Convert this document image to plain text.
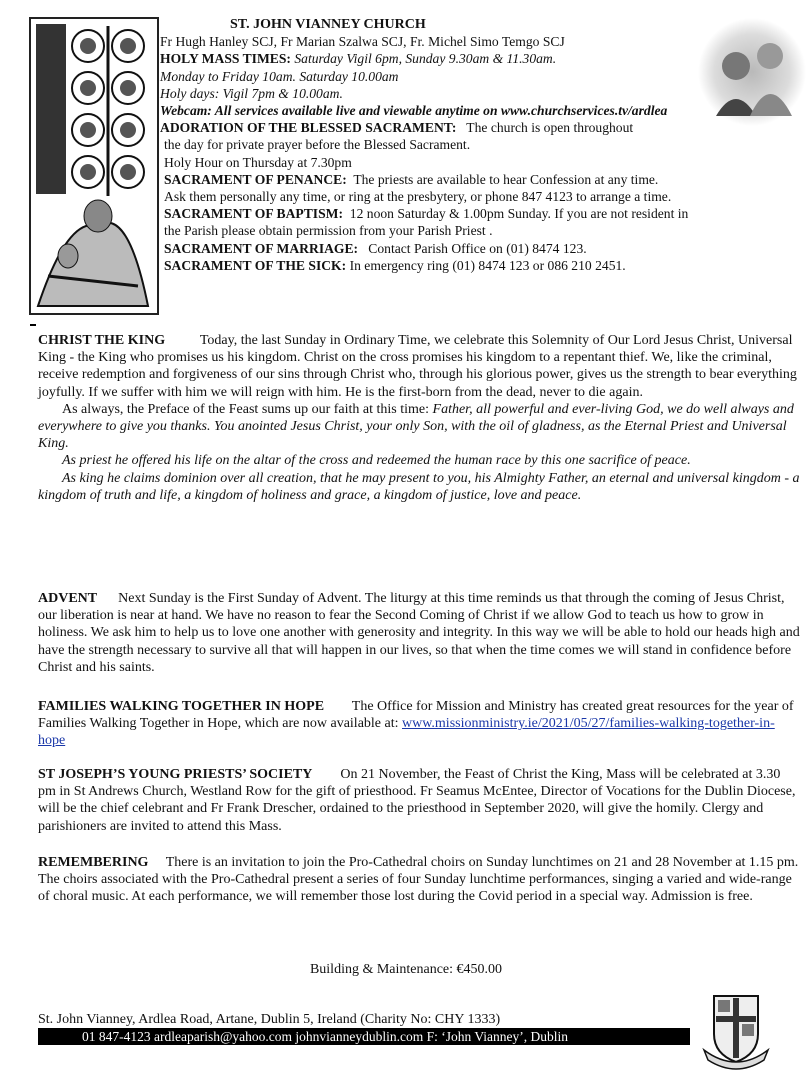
ST. JOHN VIANNEY CHURCH
Fr Hugh Hanley SCJ, Fr Marian Szalwa SCJ, Fr. Michel Simo Temgo SCJ
HOLY MASS TIMES: Saturday Vigil 6pm, Sunday 9.30am & 11.30am.
Monday to Friday 10am. Saturday 10.00am
Holy days: Vigil 7pm & 10.00am.
Webcam: All services available live and viewable anytime on www.churchservices.tv/ardlea
ADORATION OF THE BLESSED SACRAMENT: The church is open throughout
the day for private prayer before the Blessed Sacrament.
Holy Hour on Thursday at 7.30pm
SACRAMENT OF PENANCE: The priests are available to hear Confession at any time.
Ask them personally any time, or ring at the presbytery, or phone 847 4123 to arrange a time.
SACRAMENT OF BAPTISM: 12 noon Saturday & 1.00pm Sunday. If you are not resident in
the Parish please obtain permission from your Parish Priest .
SACRAMENT OF MARRIAGE: Contact Parish Office on (01) 8474 123.
SACRAMENT OF THE SICK: In emergency ring (01) 8474 123 or 086 210 2451.

CHRIST THE KING Today, the last Sunday in Ordinary Time, we celebrate this Solemnity of Our Lord Jesus Christ, Universal King - the King who promises us his kingdom. Christ on the cross promises his kingdom to a repentant thief. We, like the criminal, receive redemption and forgiveness of our sins through Christ who, through his glorious power, gives us the strength to bear everything joyfully. If we suffer with him we will reign with him. He is the first-born from the dead, never to die again.

As always, the Preface of the Feast sums up our faith at this time: Father, all powerful and ever-living God, we do well always and everywhere to give you thanks. You anointed Jesus Christ, your only Son, with the oil of gladness, as the Eternal Priest and Universal King.

As priest he offered his life on the altar of the cross and redeemed the human race by this one sacrifice of peace.

As king he claims dominion over all creation, that he may present to you, his Almighty Father, an eternal and universal kingdom - a kingdom of truth and life, a kingdom of holiness and grace, a kingdom of justice, love and peace.

ADVENT Next Sunday is the First Sunday of Advent. The liturgy at this time reminds us that through the coming of Jesus Christ, our liberation is near at hand. We have no reason to fear the Second Coming of Christ if we allow God to teach us how to grow in holiness. We ask him to help us to love one another with generosity and integrity. In this way we will be able to hold our heads high and have the strength necessary to survive all that will happen in our lives, so that when the time comes we will stand in confidence before Christ and his saints.

FAMILIES WALKING TOGETHER IN HOPE The Office for Mission and Ministry has created great resources for the year of Families Walking Together in Hope, which are now available at: www.missionministry.ie/2021/05/27/families-walking-together-in-hope

ST JOSEPH’S YOUNG PRIESTS’ SOCIETY On 21 November, the Feast of Christ the King, Mass will be celebrated at 3.30 pm in St Andrews Church, Westland Row for the gift of priesthood. Fr Seamus McEntee, Director of Vocations for the Dublin Diocese, will be the chief celebrant and Fr Frank Drescher, ordained to the priesthood in September 2020, will give the homily. Clergy and parishioners are invited to attend this Mass.

REMEMBERING There is an invitation to join the Pro-Cathedral choirs on Sunday lunchtimes on 21 and 28 November at 1.15 pm. The choirs associated with the Pro-Cathedral present a series of four Sunday lunchtime performances, singing a varied and wide-range of choral music. At each performance, we will remember those lost during the Covid period in a special way. Admission is free.

Building & Maintenance: €450.00
St. John Vianney, Ardlea Road, Artane, Dublin 5, Ireland (Charity No: CHY 1333)
01 847-4123 ardleaparish@yahoo.com johnvianneydublin.com F: ‘John Vianney’, Dublin
